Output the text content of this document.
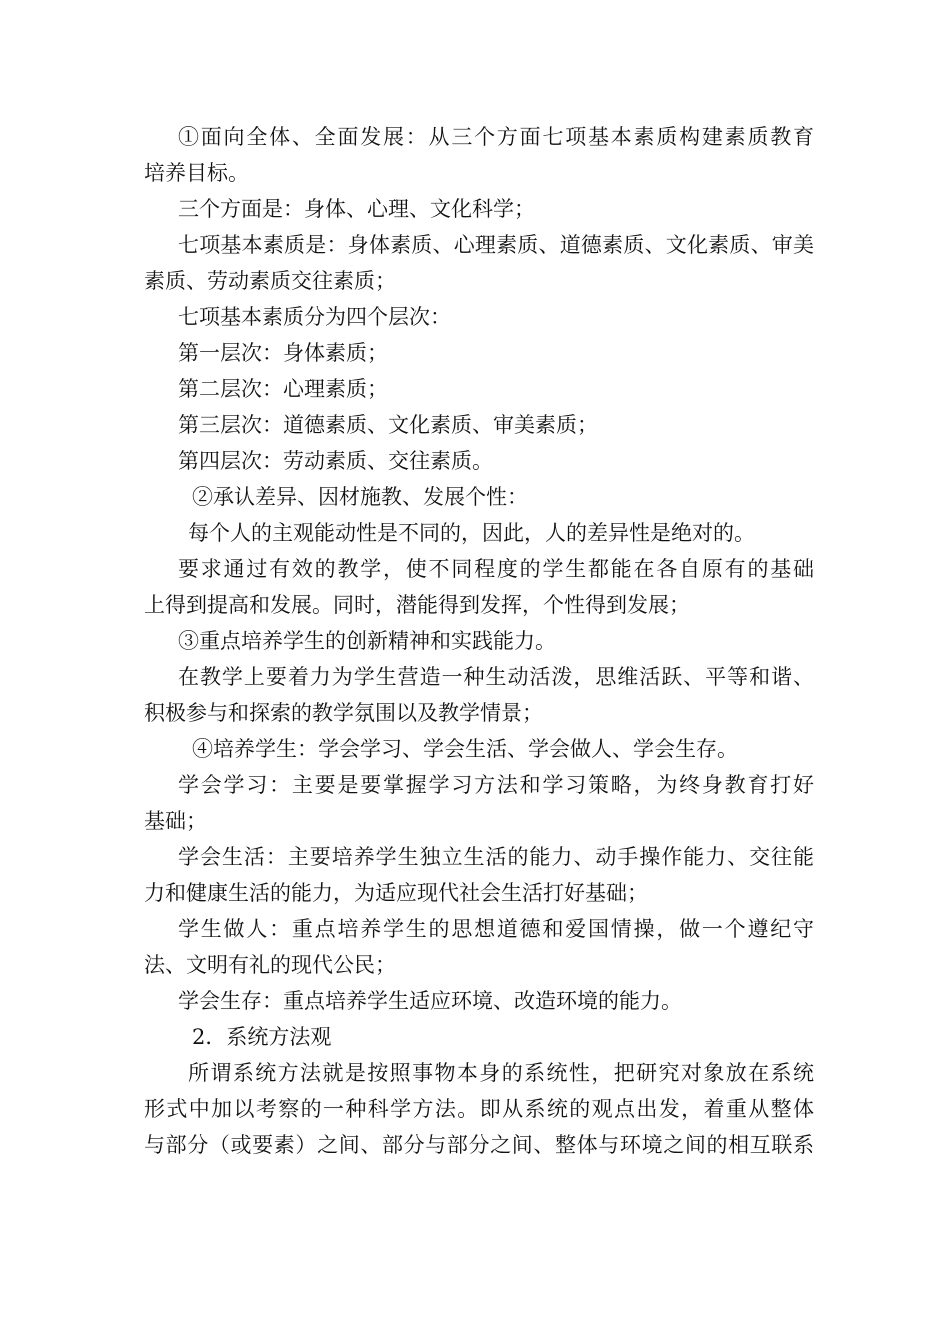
①面向全体、全面发展：从三个方面七项基本素质构建素质教育
培养目标。
三个方面是：身体、心理、文化科学；
七项基本素质是：身体素质、心理素质、道德素质、文化素质、审美
素质、劳动素质交往素质；
七项基本素质分为四个层次：
第一层次：身体素质；
第二层次：心理素质；
第三层次：道德素质、文化素质、审美素质；
第四层次：劳动素质、交往素质。
②承认差异、因材施教、发展个性：
每个人的主观能动性是不同的，因此，人的差异性是绝对的。
要求通过有效的教学，使不同程度的学生都能在各自原有的基础
上得到提高和发展。同时，潜能得到发挥，个性得到发展；
③重点培养学生的创新精神和实践能力。
在教学上要着力为学生营造一种生动活泼，思维活跃、平等和谐、
积极参与和探索的教学氛围以及教学情景；
④培养学生：学会学习、学会生活、学会做人、学会生存。
学会学习：主要是要掌握学习方法和学习策略，为终身教育打好
基础；
学会生活：主要培养学生独立生活的能力、动手操作能力、交往能
力和健康生活的能力，为适应现代社会生活打好基础；
学生做人：重点培养学生的思想道德和爱国情操，做一个遵纪守
法、文明有礼的现代公民；
学会生存：重点培养学生适应环境、改造环境的能力。
2．系统方法观
所谓系统方法就是按照事物本身的系统性，把研究对象放在系统
形式中加以考察的一种科学方法。即从系统的观点出发，着重从整体
与部分（或要素）之间、部分与部分之间、整体与环境之间的相互联系
